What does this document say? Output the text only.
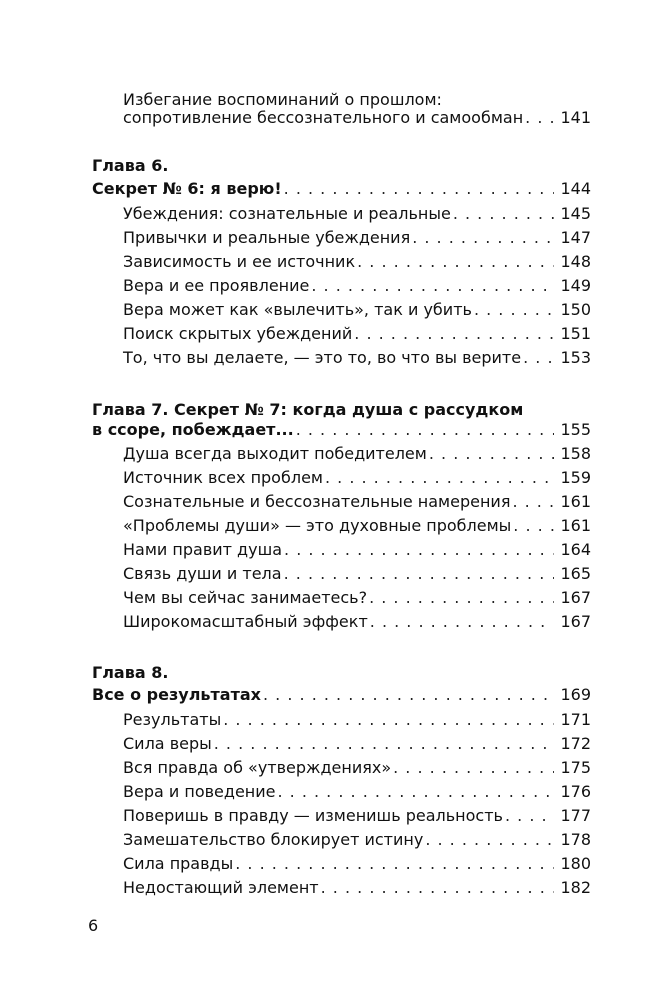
Избегание воспоминаний о прошлом:
сопротивление бессознательного и самообман . . . 141
Глава 6.
Секрет № 6: я верю! . . .	144
Убеждения: сознательные и реальные . . .	145
Привычки и реальные убеждения . . .	147
Зависимость и ее источник . . .	148
Вера и ее проявление . . .	149
Вера может как «вылечить», так и убить . . .	150
Поиск скрытых убеждений . . .	151
То, что вы делаете, — это то, во что вы верите . . . 153
Глава 7. Секрет № 7: когда душа с рассудком
в ссоре, побеждает... . . .	155
Душа всегда выходит победителем . . .	158
Источник всех проблем . . .	159
Сознательные и бессознательные намерения . . .	161
«Проблемы души» — это духовные проблемы . . .	161
Нами правит душа . . .	164
Связь души и тела . . .	165
Чем вы сейчас занимаетесь? . . .	167
Широкомасштабный эффект . . .	167
Глава 8.
Все о результатах . . .	169
Результаты . . .	171
Сила веры . . .	172
Вся правда об «утверждениях» . . .	175
Вера и поведение . . .	176
Поверишь в правду — изменишь реальность . . .	177
Замешательство блокирует истину . . .	178
Сила правды . . .	180
Недостающий элемент . . .	182
6
